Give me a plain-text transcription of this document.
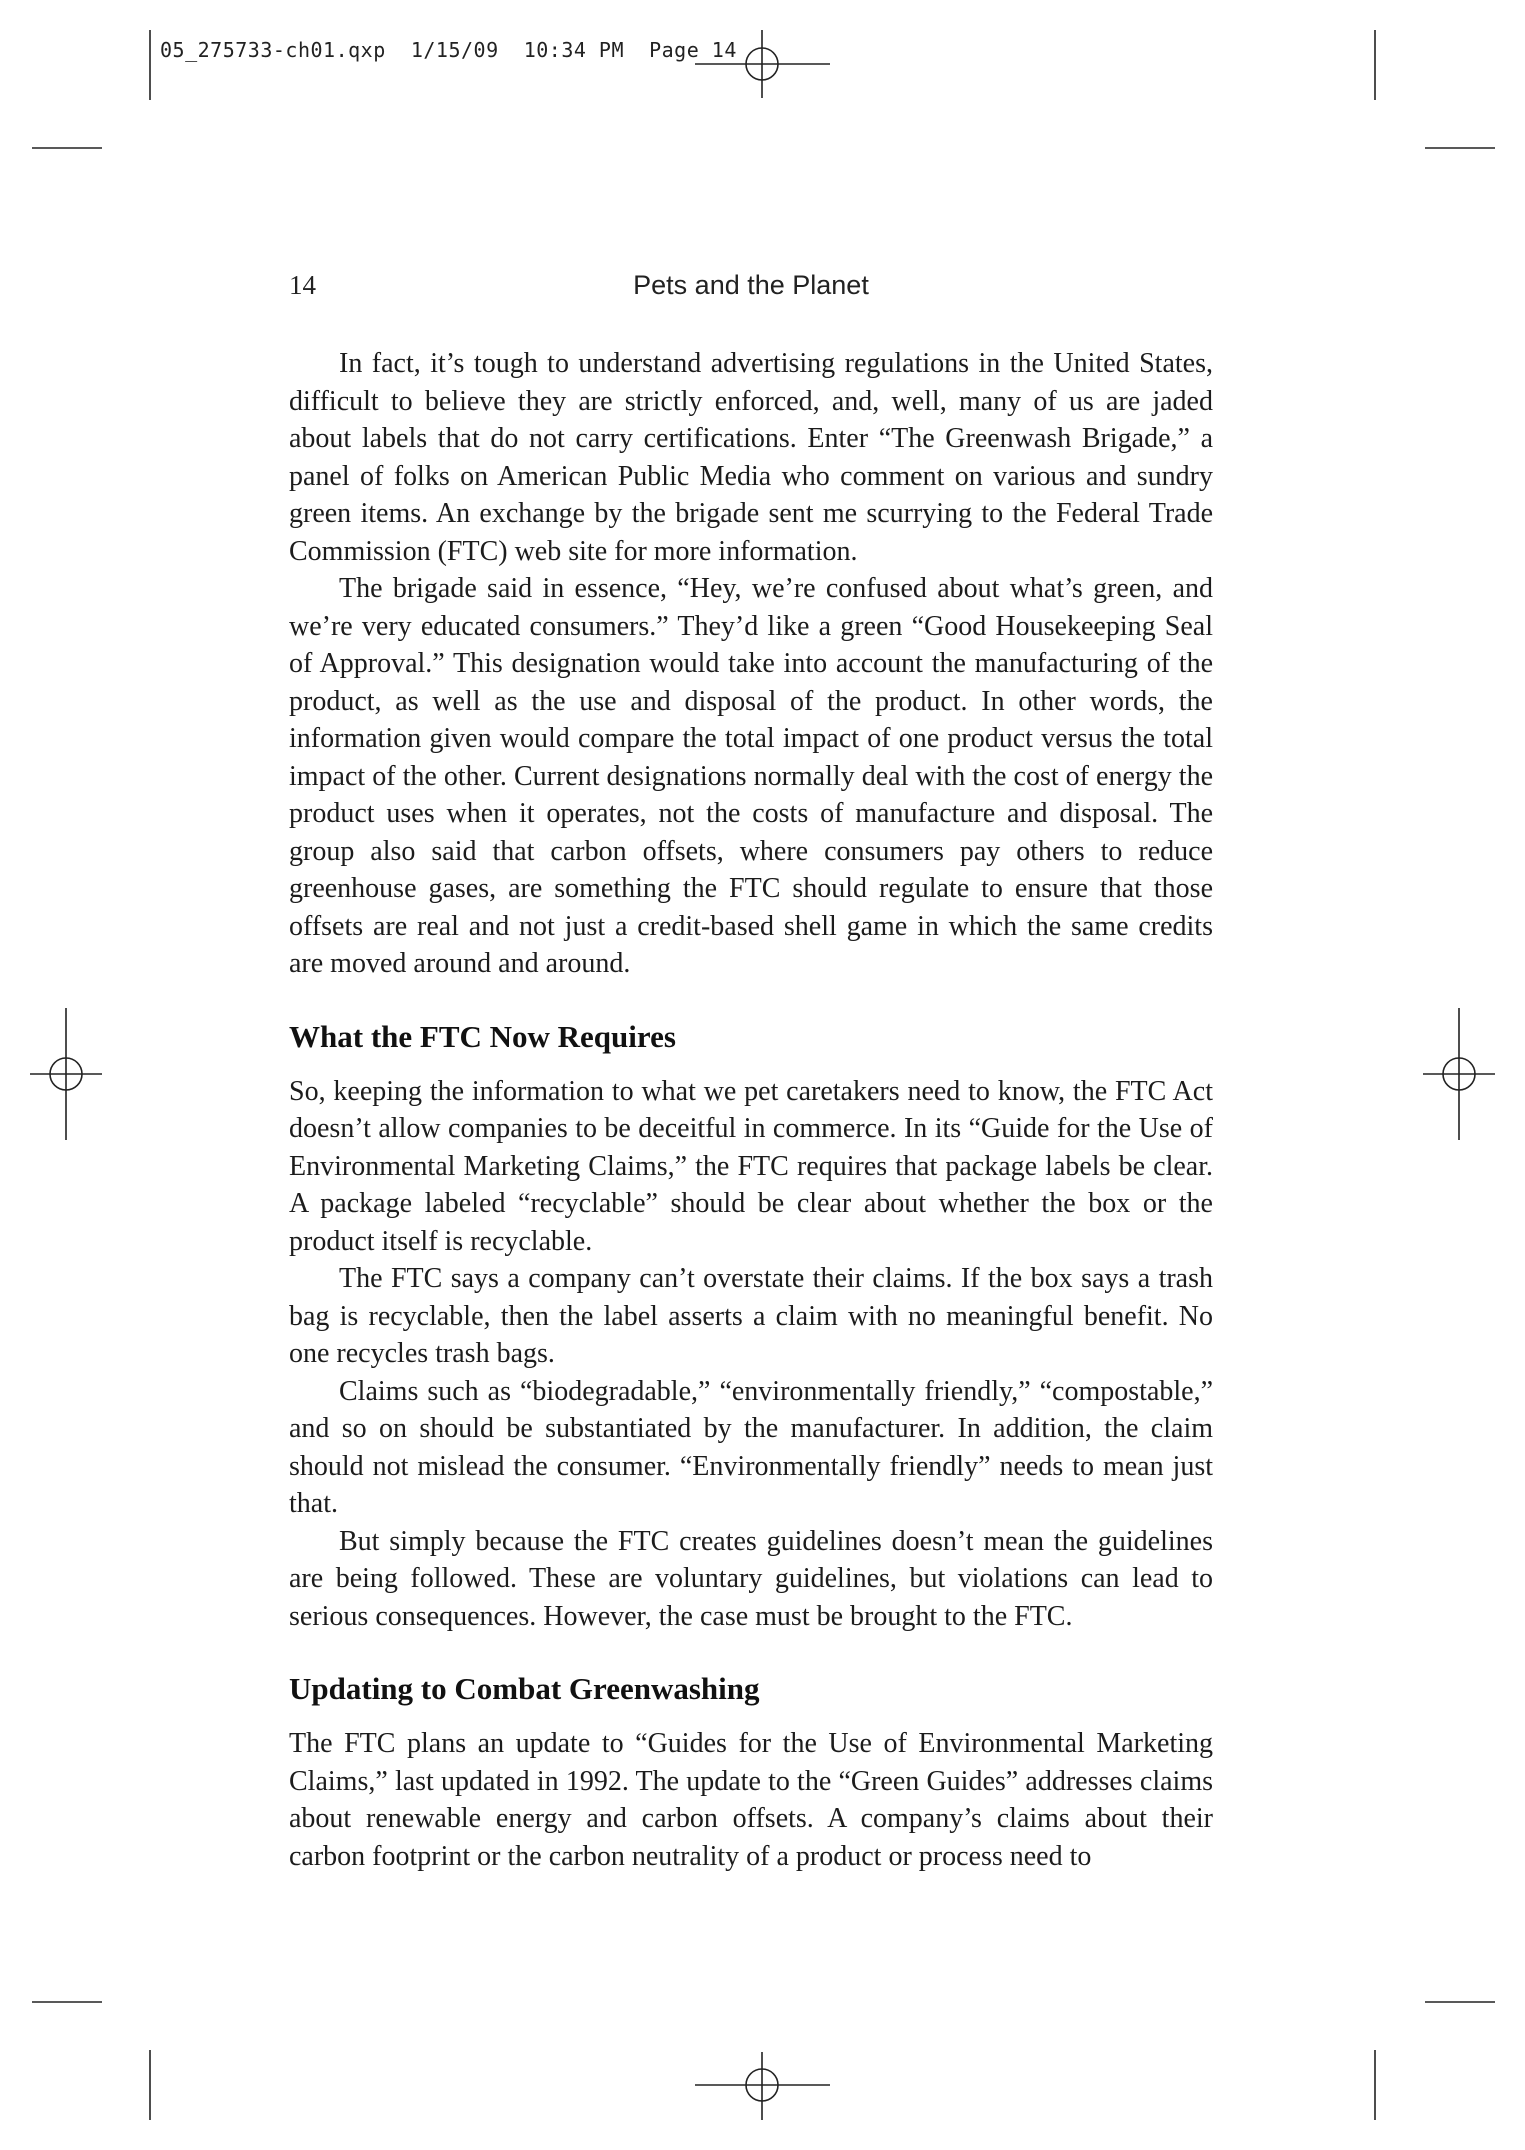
05_275733-ch01.qxp  1/15/09  10:34 PM  Page 14
14	Pets and the Planet

In fact, it’s tough to understand advertising regulations in the United States, difficult to believe they are strictly enforced, and, well, many of us are jaded about labels that do not carry certifications. Enter “The Greenwash Brigade,” a panel of folks on American Public Media who comment on various and sundry green items. An exchange by the brigade sent me scurrying to the Federal Trade Commission (FTC) web site for more information.

The brigade said in essence, “Hey, we’re confused about what’s green, and we’re very educated consumers.” They’d like a green “Good Housekeeping Seal of Approval.” This designation would take into account the manufacturing of the product, as well as the use and disposal of the product. In other words, the information given would compare the total impact of one product versus the total impact of the other. Current designations normally deal with the cost of energy the product uses when it operates, not the costs of manufacture and disposal. The group also said that carbon offsets, where consumers pay others to reduce greenhouse gases, are something the FTC should regulate to ensure that those offsets are real and not just a credit-based shell game in which the same credits are moved around and around.

What the FTC Now Requires

So, keeping the information to what we pet caretakers need to know, the FTC Act doesn’t allow companies to be deceitful in commerce. In its “Guide for the Use of Environmental Marketing Claims,” the FTC requires that package labels be clear. A package labeled “recyclable” should be clear about whether the box or the product itself is recyclable.

The FTC says a company can’t overstate their claims. If the box says a trash bag is recyclable, then the label asserts a claim with no meaningful benefit. No one recycles trash bags.

Claims such as “biodegradable,” “environmentally friendly,” “compostable,” and so on should be substantiated by the manufacturer. In addition, the claim should not mislead the consumer. “Environmentally friendly” needs to mean just that.

But simply because the FTC creates guidelines doesn’t mean the guidelines are being followed. These are voluntary guidelines, but violations can lead to serious consequences. However, the case must be brought to the FTC.

Updating to Combat Greenwashing

The FTC plans an update to “Guides for the Use of Environmental Marketing Claims,” last updated in 1992. The update to the “Green Guides” addresses claims about renewable energy and carbon offsets. A company’s claims about their carbon footprint or the carbon neutrality of a product or process need to
